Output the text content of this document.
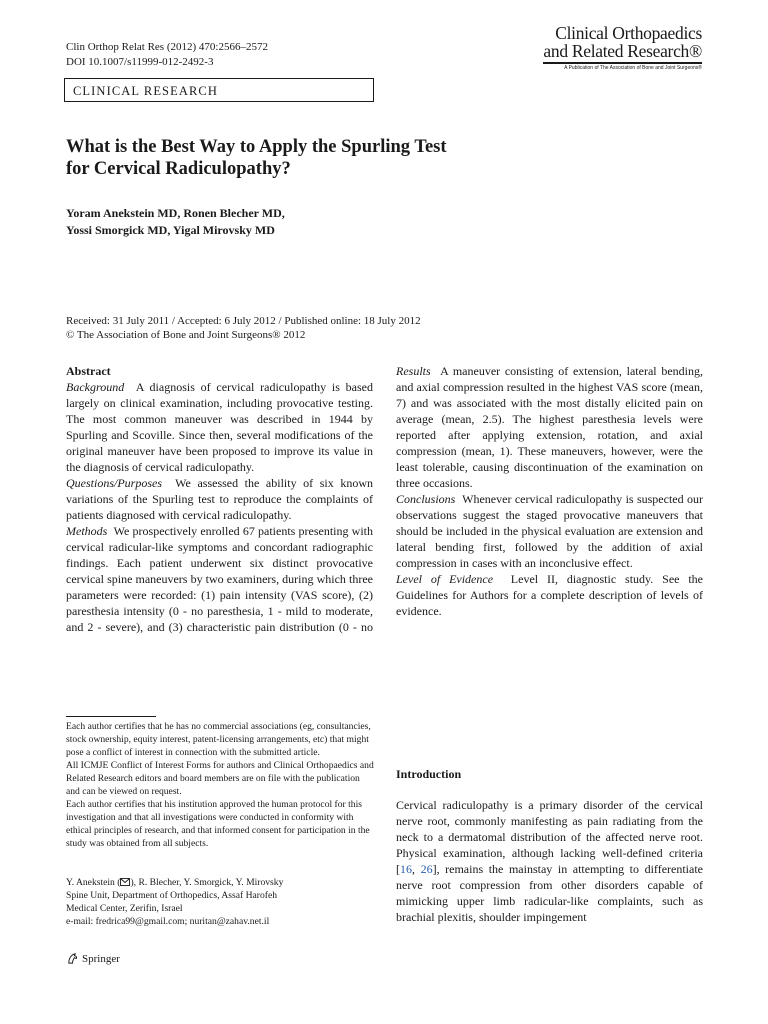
Clin Orthop Relat Res (2012) 470:2566–2572
DOI 10.1007/s11999-012-2492-3
Clinical Orthopaedics
and Related Research®
A Publication of The Association of Bone and Joint Surgeons®
CLINICAL RESEARCH
What is the Best Way to Apply the Spurling Test
for Cervical Radiculopathy?
Yoram Anekstein MD, Ronen Blecher MD,
Yossi Smorgick MD, Yigal Mirovsky MD
Received: 31 July 2011 / Accepted: 6 July 2012 / Published online: 18 July 2012
© The Association of Bone and Joint Surgeons® 2012

Abstract

Background A diagnosis of cervical radiculopathy is based largely on clinical examination, including provocative testing. The most common maneuver was described in 1944 by Spurling and Scoville. Since then, several modifications of the original maneuver have been proposed to improve its value in the diagnosis of cervical radiculopathy.

Questions/Purposes We assessed the ability of six known variations of the Spurling test to reproduce the complaints of patients diagnosed with cervical radiculopathy.

Methods We prospectively enrolled 67 patients presenting with cervical radicular-like symptoms and concordant radiographic findings. Each patient underwent six distinct provocative cervical spine maneuvers by two examiners, during which three parameters were recorded: (1) pain intensity (VAS score), (2) paresthesia intensity (0 - no paresthesia, 1 - mild to moderate, and 2 - severe), and (3) characteristic pain distribution (0 - no

Results A maneuver consisting of extension, lateral bending, and axial compression resulted in the highest VAS score (mean, 7) and was associated with the most distally elicited pain on average (mean, 2.5). The highest paresthesia levels were reported after applying extension, rotation, and axial compression (mean, 1). These maneuvers, however, were the least tolerable, causing discontinuation of the examination on three occasions.

Conclusions Whenever cervical radiculopathy is suspected our observations suggest the staged provocative maneuvers that should be included in the physical evaluation are extension and lateral bending first, followed by the addition of axial compression in cases with an inconclusive effect.

Level of Evidence Level II, diagnostic study. See the Guidelines for Authors for a complete description of levels of evidence.

Each author certifies that he has no commercial associations (eg, consultancies, stock ownership, equity interest, patent-licensing arrangements, etc) that might pose a conflict of interest in connection with the submitted article.
All ICMJE Conflict of Interest Forms for authors and Clinical Orthopaedics and Related Research editors and board members are on file with the publication and can be viewed on request.
Each author certifies that his institution approved the human protocol for this investigation and that all investigations were conducted in conformity with ethical principles of research, and that informed consent for participation in the study was obtained from all subjects.
Y. Anekstein ( ), R. Blecher, Y. Smorgick, Y. Mirovsky
Spine Unit, Department of Orthopedics, Assaf Harofeh
Medical Center, Zerifin, Israel
e-mail: fredrica99@gmail.com; nuritan@zahav.net.il
Introduction

Cervical radiculopathy is a primary disorder of the cervical nerve root, commonly manifesting as pain radiating from the neck to a dermatomal distribution of the affected nerve root. Physical examination, although lacking well-defined criteria [16, 26], remains the mainstay in attempting to differentiate nerve root compression from other disorders capable of mimicking upper limb radicular-like complaints, such as brachial plexitis, shoulder impingement

Springer
